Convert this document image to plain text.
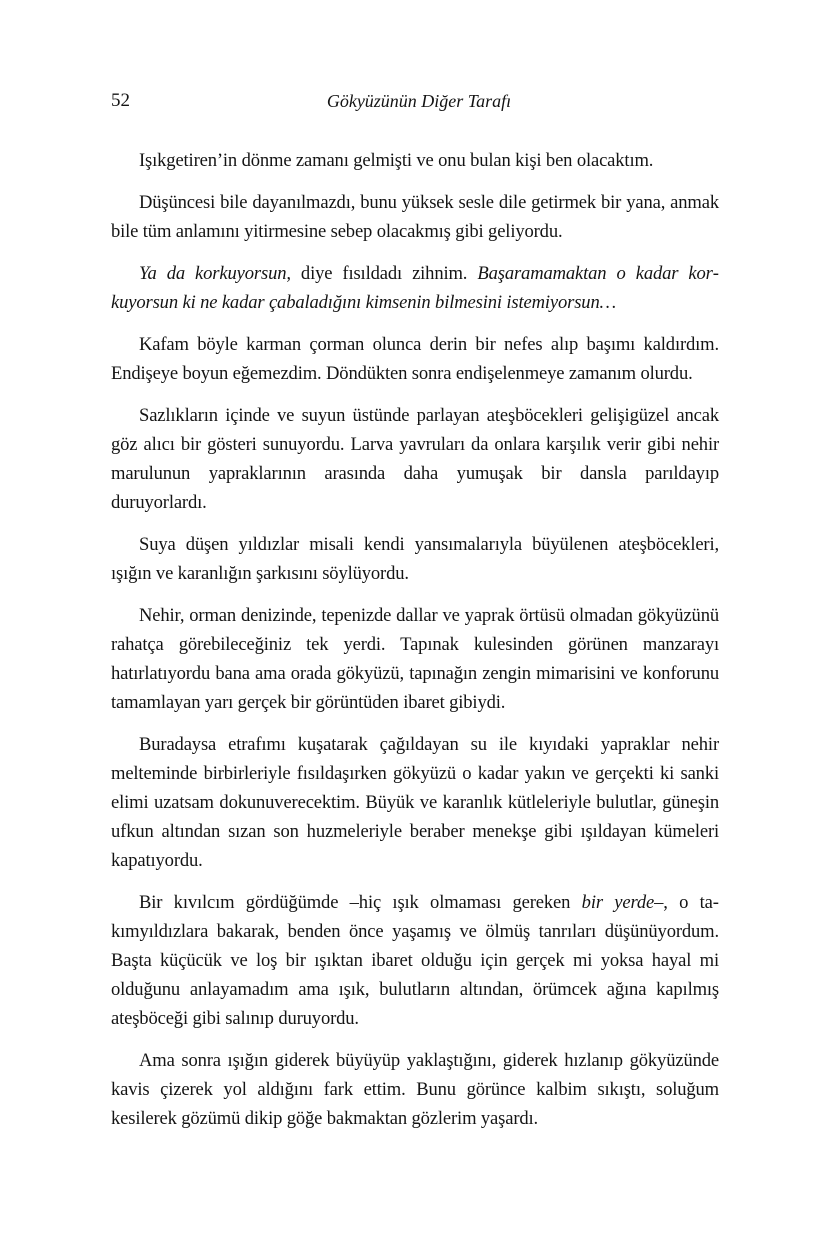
52	Gökyüzünün Diğer Tarafı

Işıkgetiren’in dönme zamanı gelmişti ve onu bulan kişi ben olacaktım.

Düşüncesi bile dayanılmazdı, bunu yüksek sesle dile getirmek bir yana, anmak bile tüm anlamını yitirmesine sebep olacakmış gibi geliyordu.

Ya da korkuyorsun, diye fısıldadı zihnim. Başaramamaktan o kadar korkuyorsun ki ne kadar çabaladığını kimsenin bilmesini istemiyorsun…

Kafam böyle karman çorman olunca derin bir nefes alıp başımı kaldırdım. Endişeye boyun eğemezdim. Döndükten sonra endişelenmeye zamanım olurdu.

Sazlıkların içinde ve suyun üstünde parlayan ateşböcekleri gelişigüzel ancak göz alıcı bir gösteri sunuyordu. Larva yavruları da onlara karşılık verir gibi nehir marulunun yapraklarının arasında daha yumuşak bir dansla parıldayıp duruyorlardı.

Suya düşen yıldızlar misali kendi yansımalarıyla büyülenen ateşböcekleri, ışığın ve karanlığın şarkısını söylüyordu.

Nehir, orman denizinde, tepenizde dallar ve yaprak örtüsü olmadan gökyüzünü rahatça görebileceğiniz tek yerdi. Tapınak kulesinden görünen manzarayı hatırlatıyordu bana ama orada gökyüzü, tapınağın zengin mimarisini ve konforunu tamamlayan yarı gerçek bir görüntüden ibaret gibiydi.

Buradaysa etrafımı kuşatarak çağıldayan su ile kıyıdaki yapraklar nehir melteminde birbirleriyle fısıldaşırken gökyüzü o kadar yakın ve gerçekti ki sanki elimi uzatsam dokunuverecektim. Büyük ve karanlık kütleleriyle bulutlar, güneşin ufkun altından sızan son huzmeleriyle beraber menekşe gibi ışıldayan kümeleri kapatıyordu.

Bir kıvılcım gördüğümde –hiç ışık olmaması gereken bir yerde–, o takımyıldızlara bakarak, benden önce yaşamış ve ölmüş tanrıları düşünüyordum. Başta küçücük ve loş bir ışıktan ibaret olduğu için gerçek mi yoksa hayal mi olduğunu anlayamadım ama ışık, bulutların altından, örümcek ağına kapılmış ateşböceği gibi salınıp duruyordu.

Ama sonra ışığın giderek büyüyüp yaklaştığını, giderek hızlanıp gökyüzünde kavis çizerek yol aldığını fark ettim. Bunu görünce kalbim sıkıştı, soluğum kesilerek gözümü dikip göğe bakmaktan gözlerim yaşardı.
